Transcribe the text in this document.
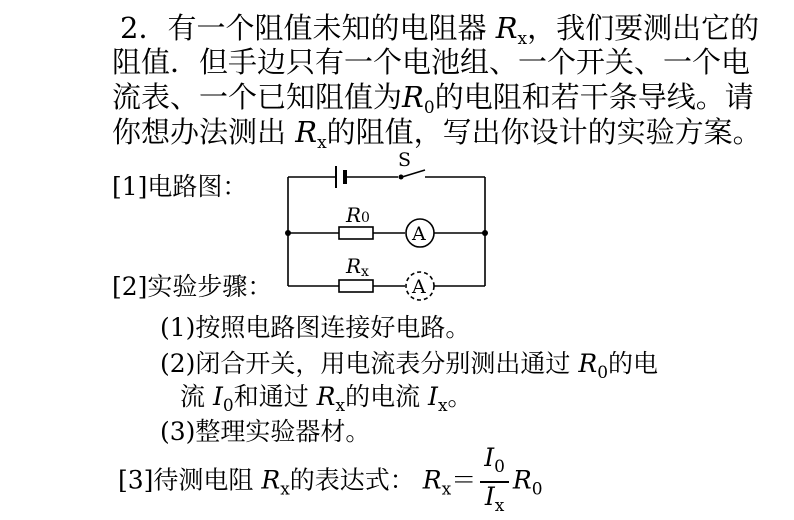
2．有一个阻值未知的电阻器 $R_x$，我们要测出它的
阻值．但手边只有一个电池组、一个开关、一个电
流表、一个已知阻值为$R_0$的电阻和若干条导线。请
你想办法测出 $R_x$的阻值，写出你设计的实验方案。
[1]电路图：
[2]实验步骤：
S
R 0
R x
A
A
(1)按照电路图连接好电路。
(2)闭合开关，用电流表分别测出通过 $R_0$的电
流 $I_0$和通过 $R_x$的电流 $I_x$。
(3)整理实验器材。
[3]待测电阻 $R_x$的表达式： $R_x= \frac{I_0}{I_x} R_0$
